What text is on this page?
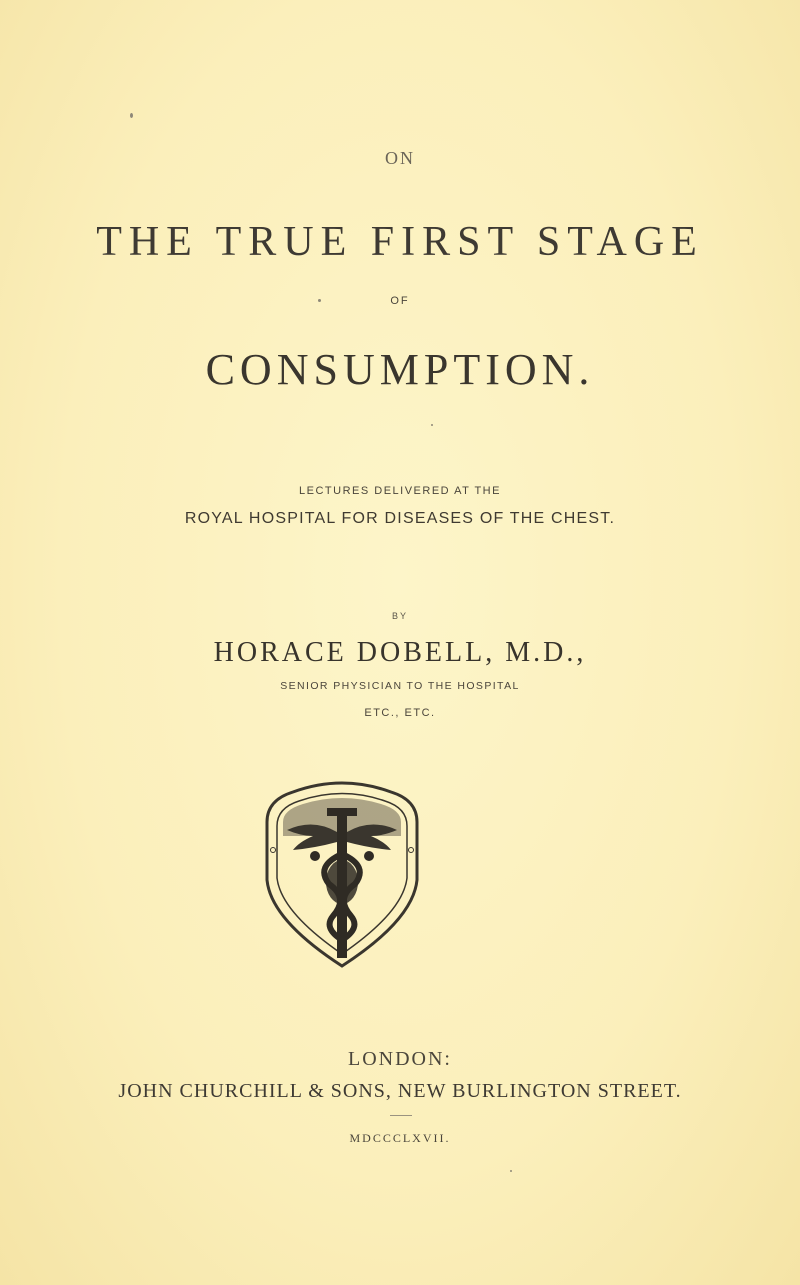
ON
THE TRUE FIRST STAGE
OF
CONSUMPTION.
LECTURES DELIVERED AT THE
ROYAL HOSPITAL FOR DISEASES OF THE CHEST.
BY
HORACE DOBELL, M.D.,
SENIOR PHYSICIAN TO THE HOSPITAL
ETC., ETC.
LONDON:
JOHN CHURCHILL & SONS, NEW BURLINGTON STREET.
MDCCCLXVII.
